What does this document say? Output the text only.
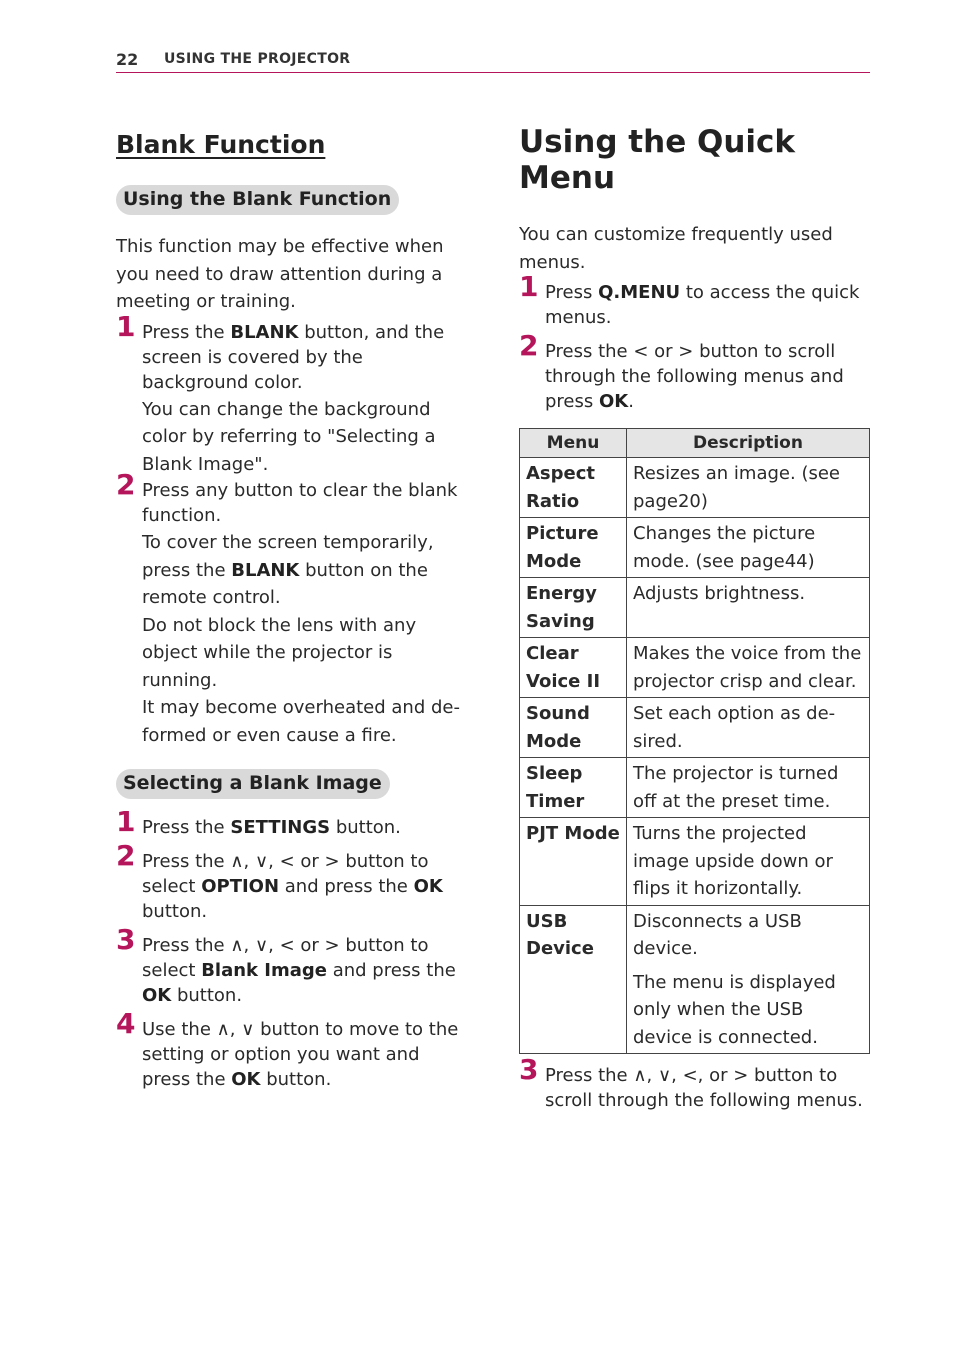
22 USING THE PROJECTOR
Blank Function
Using the Blank Function

This function may be effective when you need to draw attention during a meeting or training.

1 Press the BLANK button, and the screen is covered by the background color.

You can change the background color by referring to "Selecting a Blank Image".

2 Press any button to clear the blank function.

To cover the screen temporarily, press the BLANK button on the remote control.

Do not block the lens with any object while the projector is running.

It may become overheated and de-formed or even cause a fire.

Selecting a Blank Image
1 Press the SETTINGS button.
2 Press the ∧, ∨, < or > button to select OPTION and press the OK button.
3 Press the ∧, ∨, < or > button to select Blank Image and press the OK button.
4 Use the ∧, ∨ button to move to the setting or option you want and press the OK button.
Using the Quick Menu

You can customize frequently used menus.

1 Press Q.MENU to access the quick menus.
2 Press the < or > button to scroll through the following menus and press OK.
Menu	Description
Aspect Ratio	Resizes an image. (see page20)

Picture Mode	Changes the picture mode. (see page44)

Energy Saving	Adjusts brightness.

Clear Voice II	Makes the voice from the projector crisp and clear.

Sound Mode	Set each option as de-sired.

Sleep Timer	The projector is turned off at the preset time.

PJT Mode	Turns the projected image upside down or flips it horizontally.

USB Device	Disconnects a USB device.

The menu is displayed only when the USB device is connected.

3 Press the ∧, ∨, <, or > button to scroll through the following menus.
